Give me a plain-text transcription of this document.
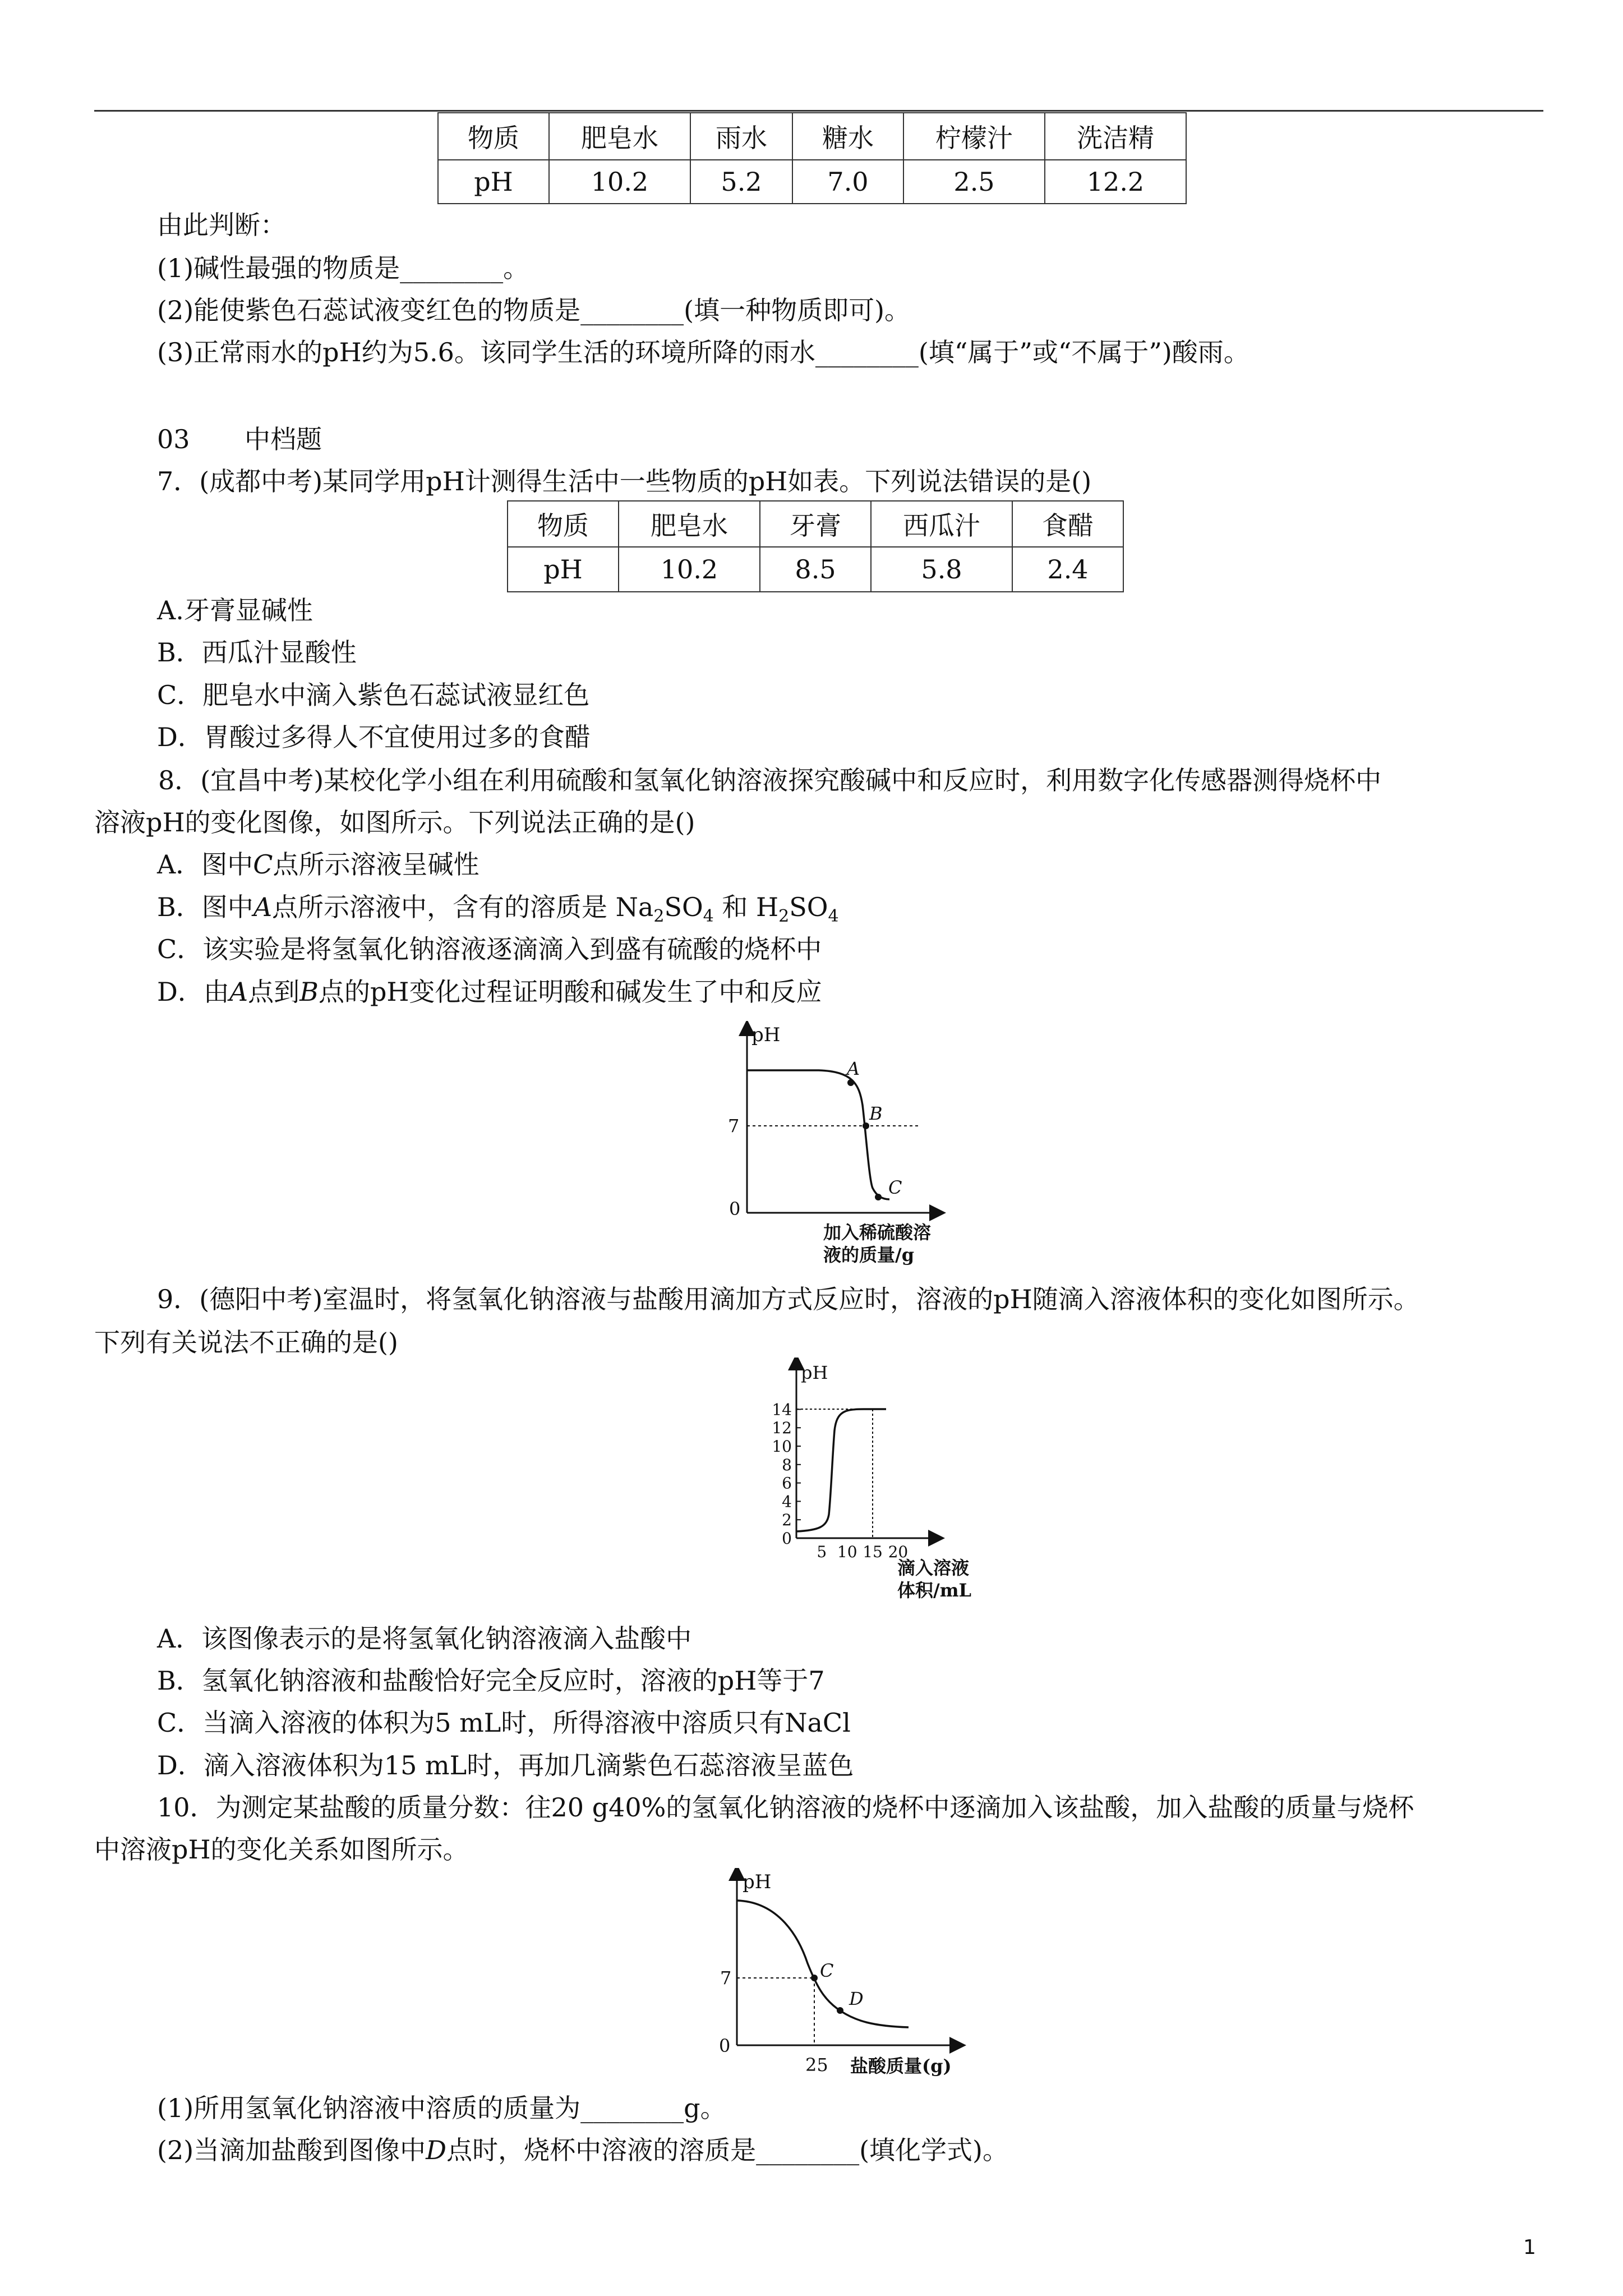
物质	肥皂水	雨水	糖水	柠檬汁	洗洁精
pH	10.2	5.2	7.0	2.5	12.2
由此判断：
(1)碱性最强的物质是________。
(2)能使紫色石蕊试液变红色的物质是________(填一种物质即可)。
(3)正常雨水的pH约为5.6。该同学生活的环境所降的雨水________(填“属于”或“不属于”)酸雨。
03 中档题
7．(成都中考)某同学用pH计测得生活中一些物质的pH如表。下列说法错误的是()
物质	肥皂水	牙膏	西瓜汁	食醋
pH	10.2	8.5	5.8	2.4
A.牙膏显碱性
B．西瓜汁显酸性
C．肥皂水中滴入紫色石蕊试液显红色
D．胃酸过多得人不宜使用过多的食醋
8．(宜昌中考)某校化学小组在利用硫酸和氢氧化钠溶液探究酸碱中和反应时，利用数字化传感器测得烧杯中
溶液pH的变化图像，如图所示。下列说法正确的是()
A．图中C点所示溶液呈碱性
B．图中A点所示溶液中，含有的溶质是 $Na_2SO_4$ 和 $H_2SO_4$
C．该实验是将氢氧化钠溶液逐滴滴入到盛有硫酸的烧杯中
D．由A点到B点的pH变化过程证明酸和碱发生了中和反应
pH
7
0
A
B
C
加入稀硫酸溶
液的质量/g
9．(德阳中考)室温时，将氢氧化钠溶液与盐酸用滴加方式反应时，溶液的pH随滴入溶液体积的变化如图所示。
下列有关说法不正确的是()
pH
14
12
10
8
6
4
2
0
5 10 15 20
滴入溶液
体积/mL
A．该图像表示的是将氢氧化钠溶液滴入盐酸中
B．氢氧化钠溶液和盐酸恰好完全反应时，溶液的pH等于7
C．当滴入溶液的体积为5 mL时，所得溶液中溶质只有NaCl
D．滴入溶液体积为15 mL时，再加几滴紫色石蕊溶液呈蓝色
10．为测定某盐酸的质量分数：往20 g40%的氢氧化钠溶液的烧杯中逐滴加入该盐酸，加入盐酸的质量与烧杯
中溶液pH的变化关系如图所示。
pH
7
0
C
D
25 盐酸质量(g)
(1)所用氢氧化钠溶液中溶质的质量为________g。
(2)当滴加盐酸到图像中D点时，烧杯中溶液的溶质是________(填化学式)。
1
